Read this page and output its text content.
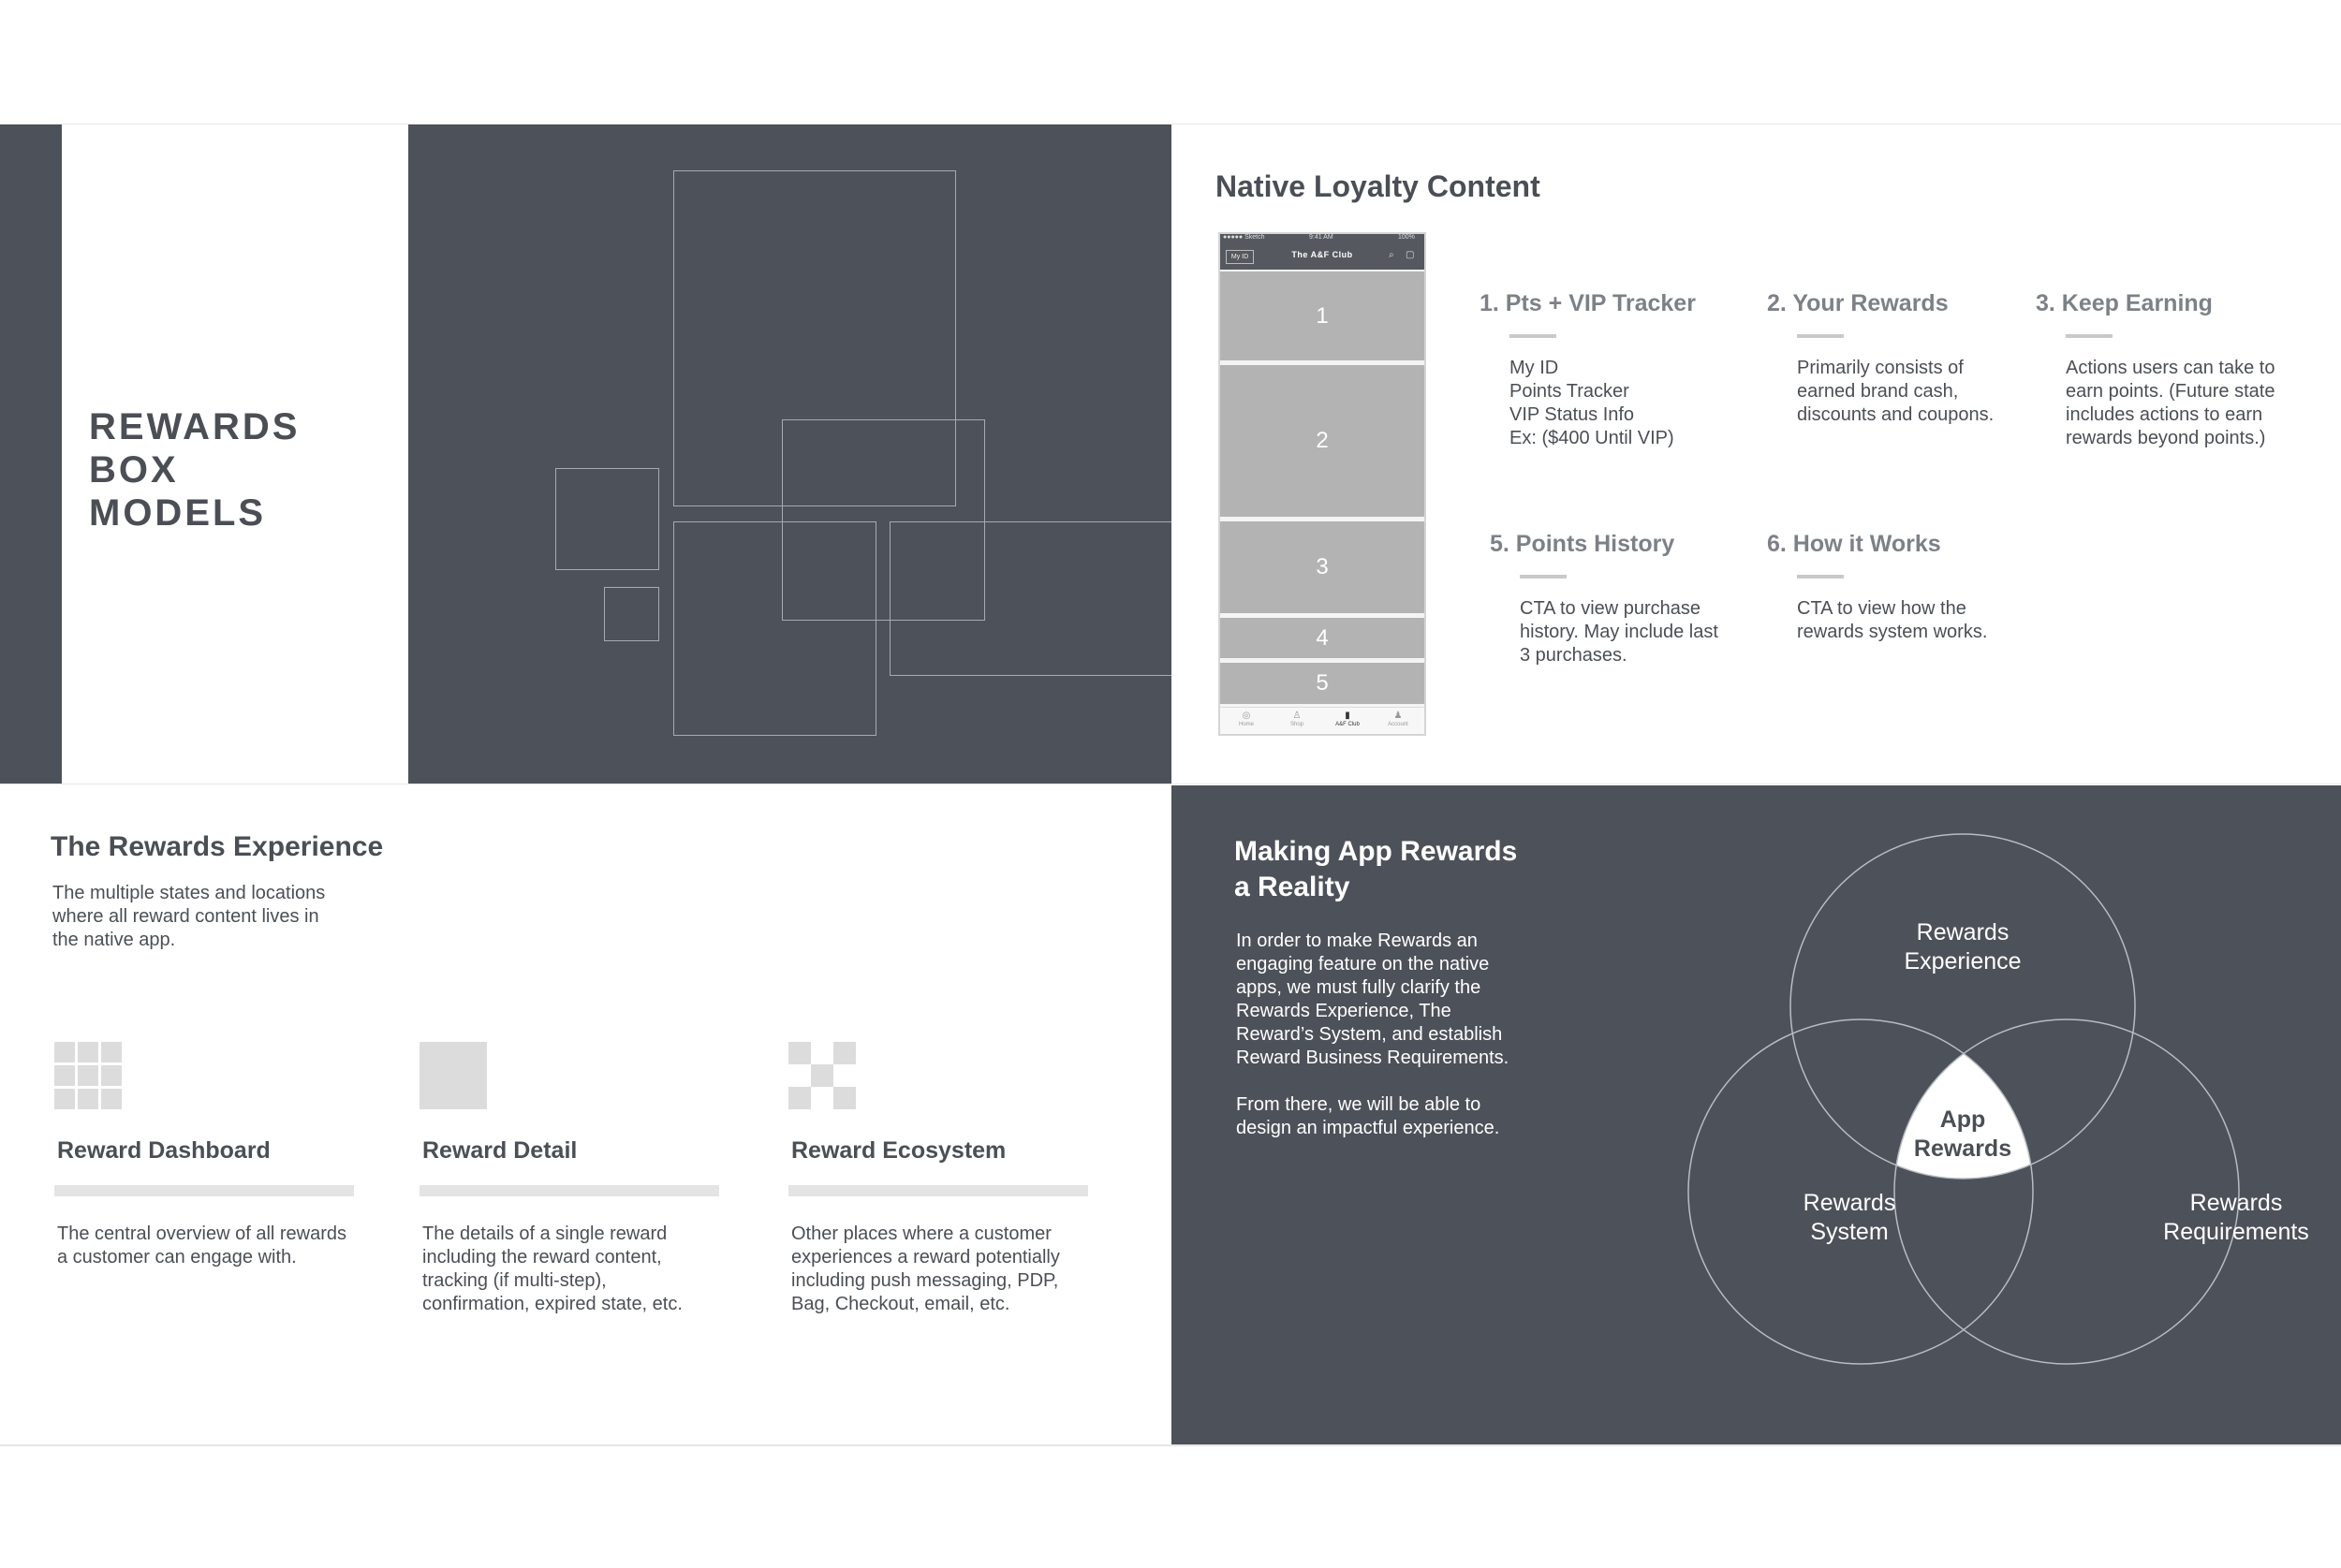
REWARDS BOX
MODELS
Native Loyalty Content
●●●●● Sketch	9:41 AM	100%
My ID	The A&F Club	⌕ ▢
1
2
3
4
5
◎
Home
♙
Shop
▮
A&F Club
♟
Account
1. Pts + VIP Tracker
My ID
Points Tracker
VIP Status Info
Ex: ($400 Until VIP)
2. Your Rewards
Primarily consists of
earned brand cash,
discounts and coupons.
3. Keep Earning
Actions users can take to
earn points. (Future state
includes actions to earn
rewards beyond points.)
5. Points History
CTA to view purchase
history. May include last
3 purchases.
6. How it Works
CTA to view how the
rewards system works.
The Rewards Experience
The multiple states and locations
where all reward content lives in
the native app.
Reward Dashboard
The central overview of all rewards
a customer can engage with.
Reward Detail
The details of a single reward
including the reward content,
tracking (if multi-step),
confirmation, expired state, etc.
Reward Ecosystem
Other places where a customer
experiences a reward potentially
including push messaging, PDP,
Bag, Checkout, email, etc.
Making App Rewards
a Reality
In order to make Rewards an
engaging feature on the native
apps, we must fully clarify the
Rewards Experience, The
Reward’s System, and establish
Reward Business Requirements.

From there, we will be able to
design an impactful experience.
Rewards
Experience
Rewards
System
Rewards
Requirements
App
Rewards
